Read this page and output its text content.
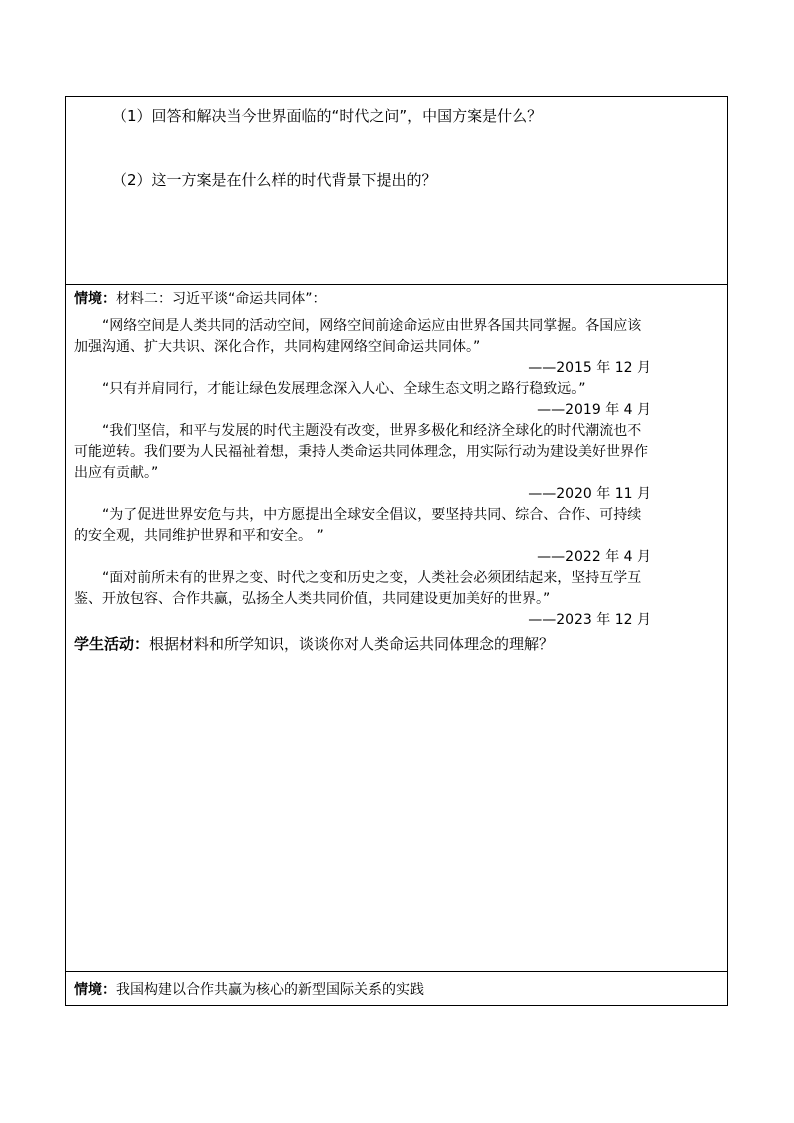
（1）回答和解决当今世界面临的“时代之问”，中国方案是什么？
（2）这一方案是在什么样的时代背景下提出的？

情境：材料二：习近平谈“命运共同体”：

“网络空间是人类共同的活动空间，网络空间前途命运应由世界各国共同掌握。各国应该

加强沟通、扩大共识、深化合作，共同构建网络空间命运共同体。”

——2015 年 12 月

“只有并肩同行，才能让绿色发展理念深入人心、全球生态文明之路行稳致远。”

——2019 年 4 月

“我们坚信，和平与发展的时代主题没有改变，世界多极化和经济全球化的时代潮流也不

可能逆转。我们要为人民福祉着想，秉持人类命运共同体理念，用实际行动为建设美好世界作

出应有贡献。”

——2020 年 11 月

“为了促进世界安危与共，中方愿提出全球安全倡议，要坚持共同、综合、合作、可持续

的安全观，共同维护世界和平和安全。 ”

——2022 年 4 月

“面对前所未有的世界之变、时代之变和历史之变，人类社会必须团结起来，坚持互学互

鉴、开放包容、合作共赢，弘扬全人类共同价值，共同建设更加美好的世界。”

——2023 年 12 月

学生活动：根据材料和所学知识，谈谈你对人类命运共同体理念的理解？
情境：我国构建以合作共赢为核心的新型国际关系的实践
